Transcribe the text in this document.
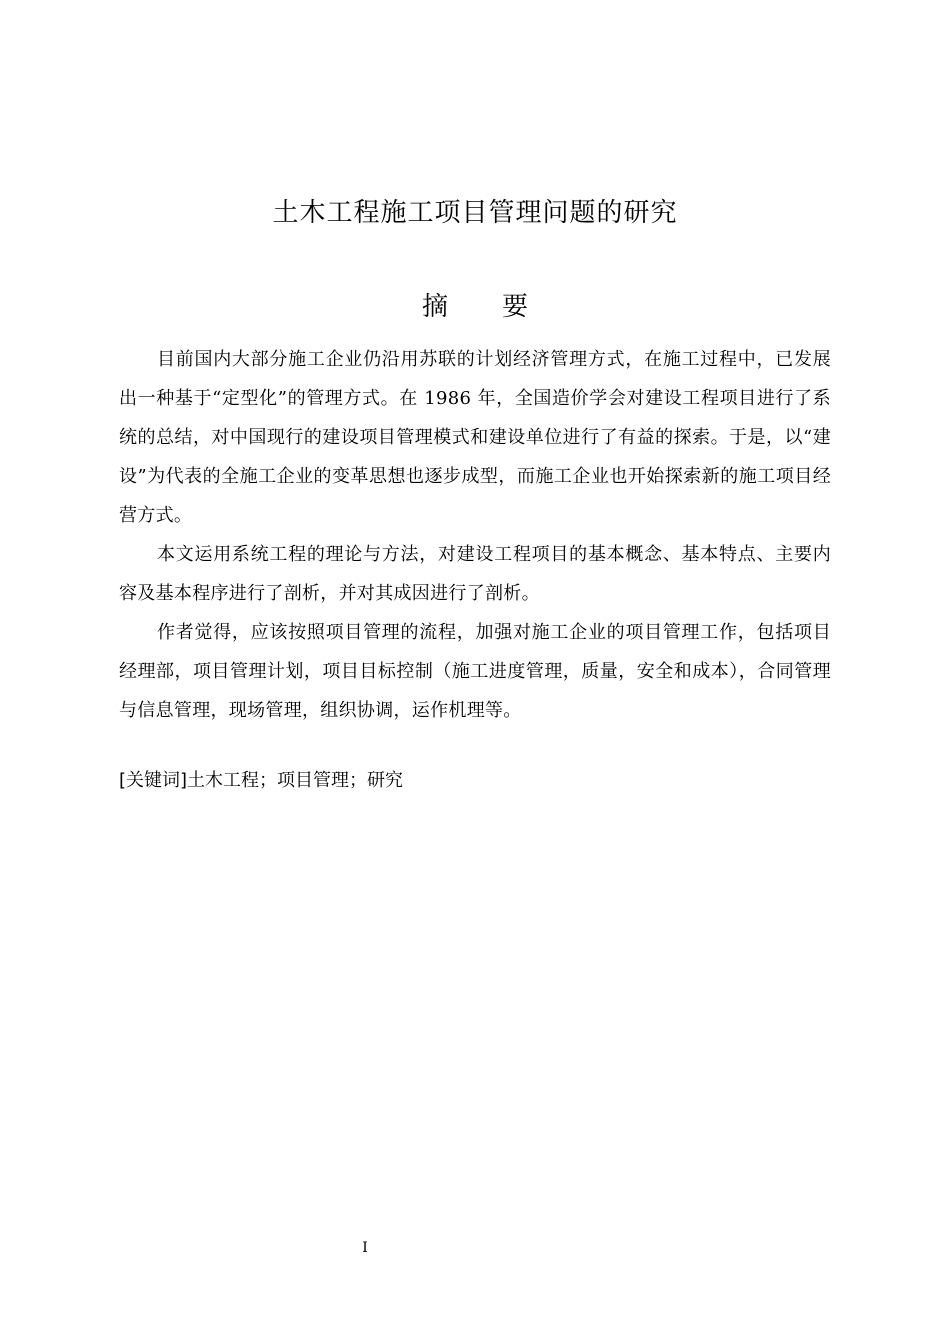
土木工程施工项目管理问题的研究
摘要

目前国内大部分施工企业仍沿用苏联的计划经济管理方式，在施工过程中，已发展出一种基于“定型化”的管理方式。在 1986 年，全国造价学会对建设工程项目进行了系统的总结，对中国现行的建设项目管理模式和建设单位进行了有益的探索。于是，以“建设”为代表的全施工企业的变革思想也逐步成型，而施工企业也开始探索新的施工项目经营方式。

本文运用系统工程的理论与方法，对建设工程项目的基本概念、基本特点、主要内容及基本程序进行了剖析，并对其成因进行了剖析。

作者觉得，应该按照项目管理的流程，加强对施工企业的项目管理工作，包括项目经理部，项目管理计划，项目目标控制（施工进度管理，质量，安全和成本），合同管理与信息管理，现场管理，组织协调，运作机理等。

[关键词]土木工程；项目管理；研究
I
